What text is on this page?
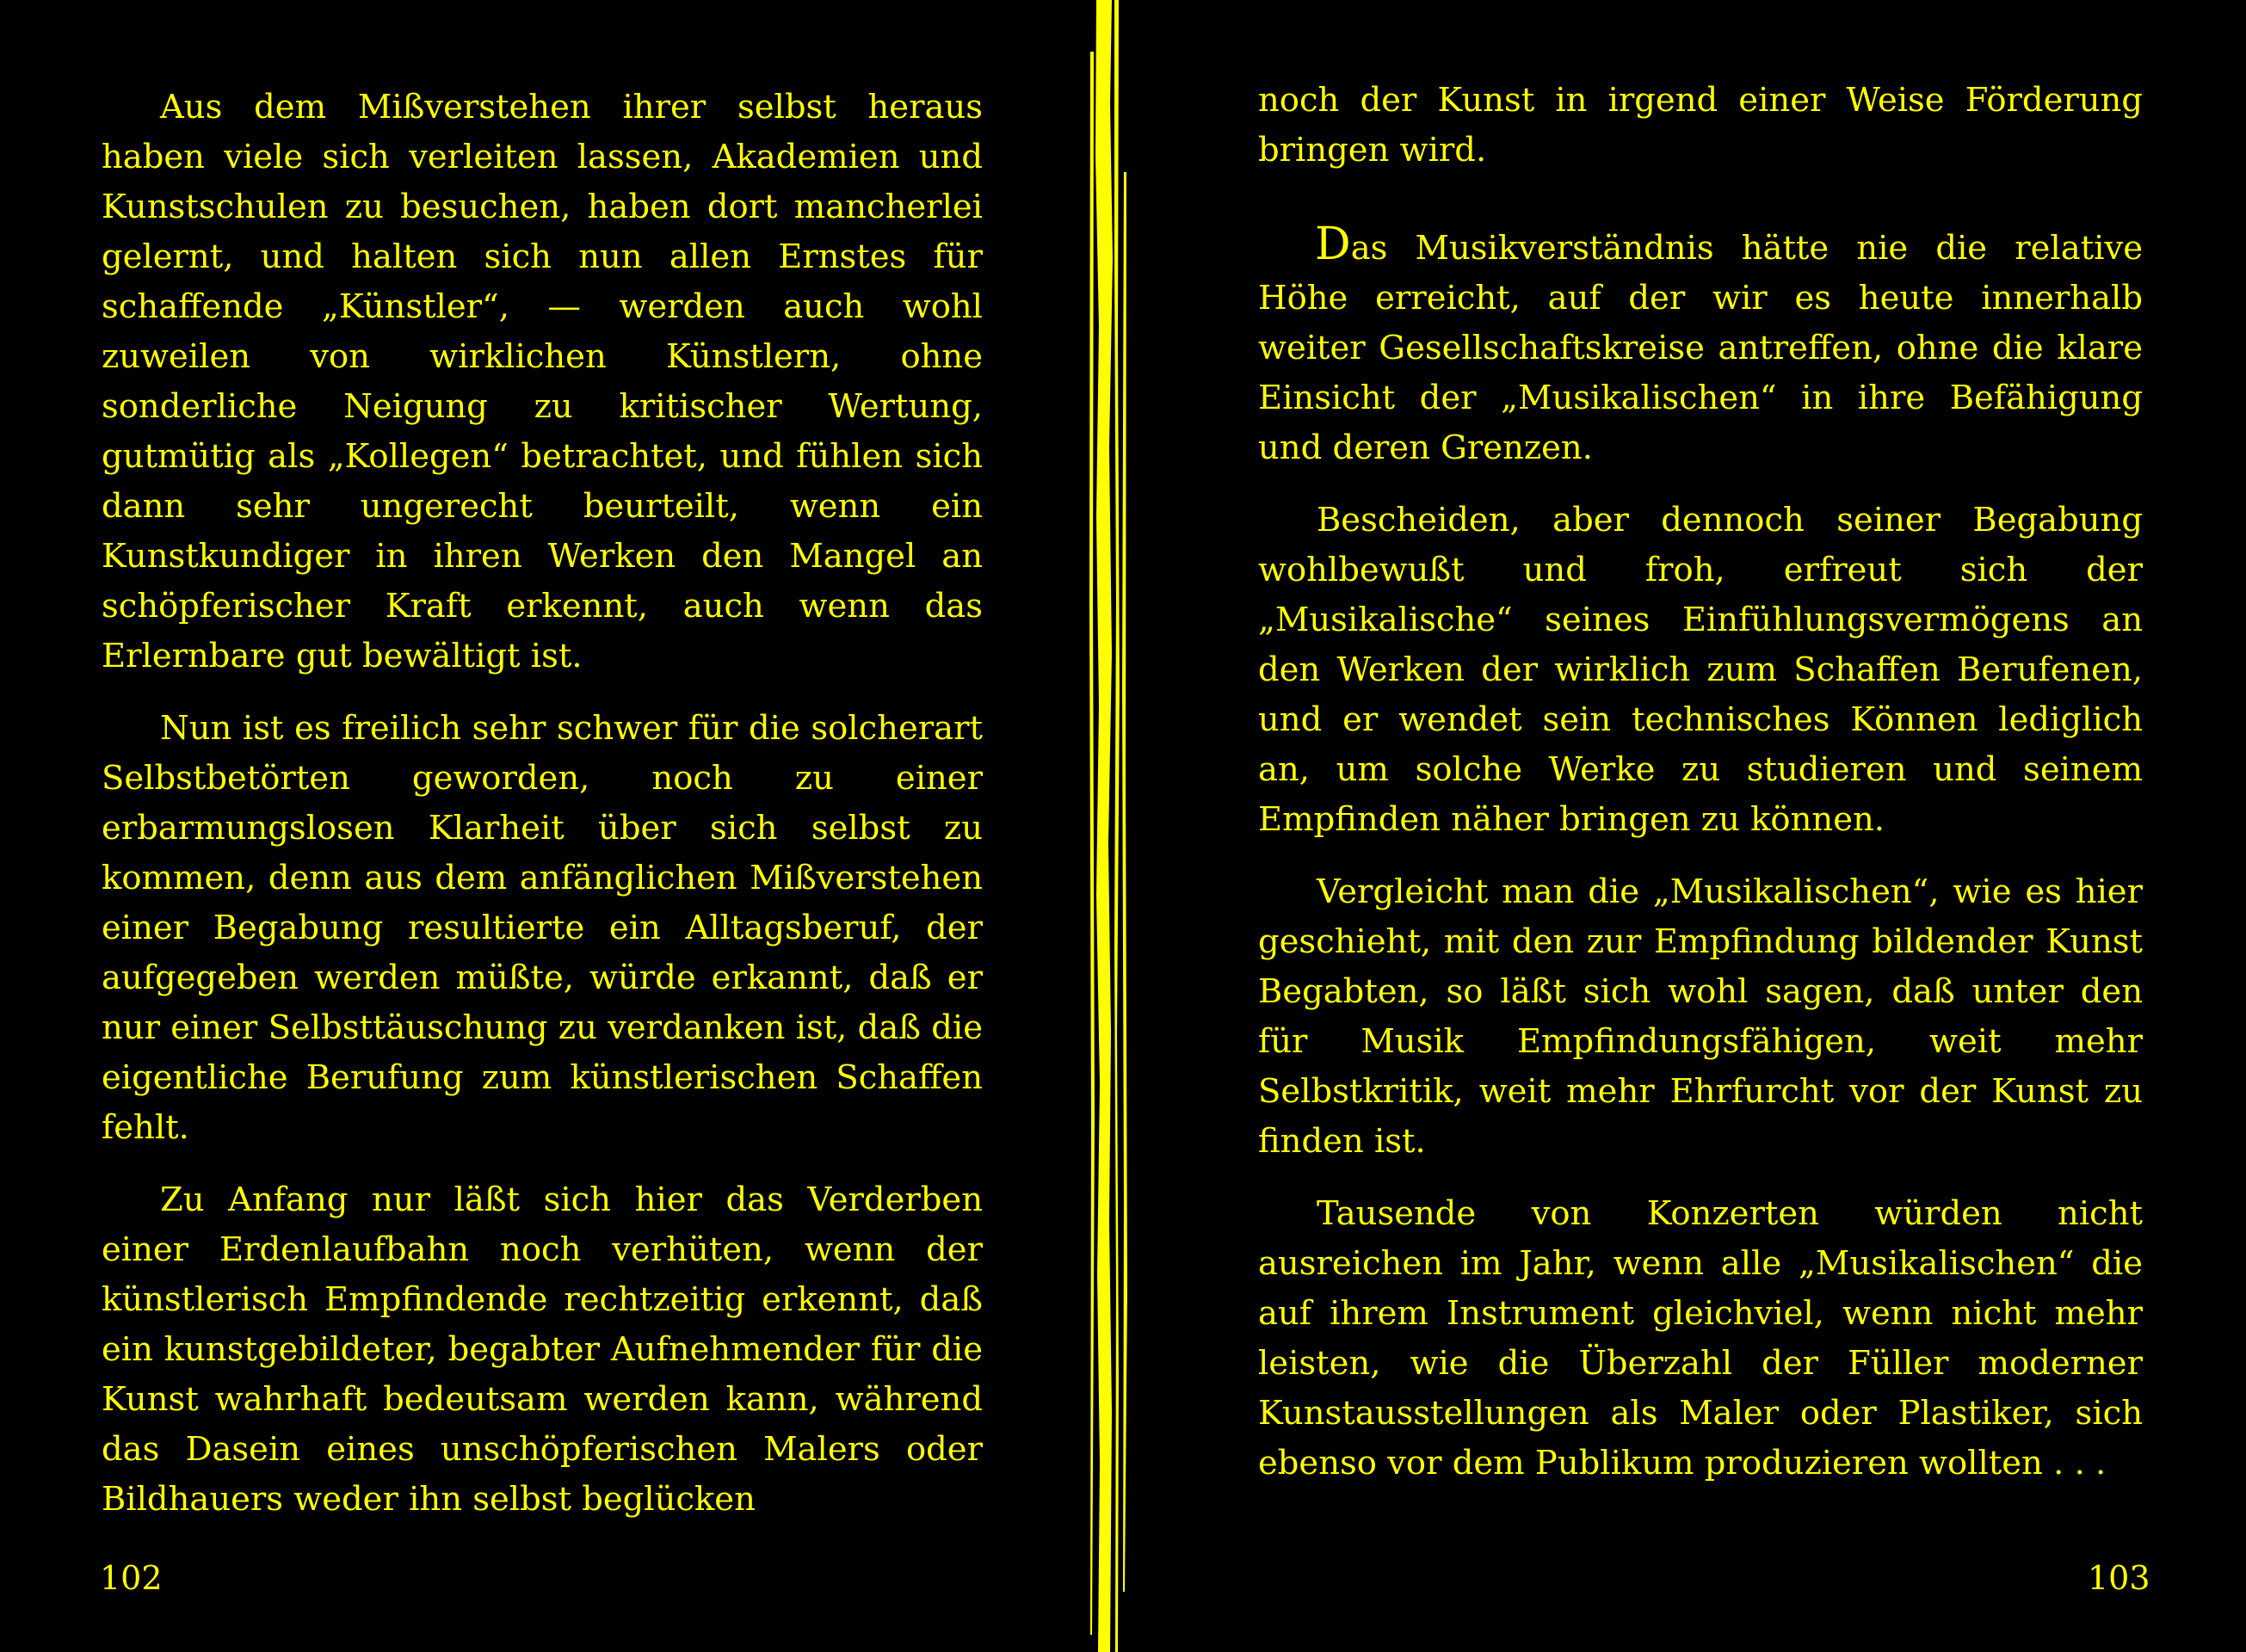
Aus dem Mißverstehen ihrer selbst heraus haben viele sich verleiten lassen, Akademien und Kunstschulen zu besuchen, haben dort mancherlei gelernt, und halten sich nun allen Ernstes für schaffende „Künstler“, — werden auch wohl zuweilen von wirklichen Künstlern, ohne sonderliche Neigung zu kritischer Wertung, gutmütig als „Kollegen“ betrachtet, und fühlen sich dann sehr ungerecht beurteilt, wenn ein Kunstkundiger in ihren Werken den Mangel an schöpferischer Kraft erkennt, auch wenn das Erlernbare gut bewältigt ist.

Nun ist es freilich sehr schwer für die solcherart Selbstbetörten geworden, noch zu einer erbarmungslosen Klarheit über sich selbst zu kommen, denn aus dem anfänglichen Mißverstehen einer Begabung resultierte ein Alltagsberuf, der aufgegeben werden müßte, würde erkannt, daß er nur einer Selbsttäuschung zu verdanken ist, daß die eigentliche Berufung zum künstlerischen Schaffen fehlt.

Zu Anfang nur läßt sich hier das Verderben einer Erdenlaufbahn noch verhüten, wenn der künstlerisch Empfindende rechtzeitig erkennt, daß ein kunstgebildeter, begabter Aufnehmender für die Kunst wahrhaft bedeutsam werden kann, während das Dasein eines unschöpferischen Malers oder Bildhauers weder ihn selbst beglücken

102

noch der Kunst in irgend einer Weise Förderung bringen wird.

Das Musikverständnis hätte nie die relative Höhe erreicht, auf der wir es heute innerhalb weiter Gesellschaftskreise antreffen, ohne die klare Einsicht der „Musikalischen“ in ihre Befähigung und deren Grenzen.

Bescheiden, aber dennoch seiner Begabung wohlbewußt und froh, erfreut sich der „Musikalische“ seines Einfühlungsvermögens an den Werken der wirklich zum Schaffen Berufenen, und er wendet sein technisches Können lediglich an, um solche Werke zu studieren und seinem Empfinden näher bringen zu können.

Vergleicht man die „Musikalischen“, wie es hier geschieht, mit den zur Empfindung bildender Kunst Begabten, so läßt sich wohl sagen, daß unter den für Musik Empfindungsfähigen, weit mehr Selbstkritik, weit mehr Ehrfurcht vor der Kunst zu finden ist.

Tausende von Konzerten würden nicht ausreichen im Jahr, wenn alle „Musikalischen“ die auf ihrem Instrument gleichviel, wenn nicht mehr leisten, wie die Überzahl der Füller moderner Kunstausstellungen als Maler oder Plastiker, sich ebenso vor dem Publikum produzieren wollten . . .

103
